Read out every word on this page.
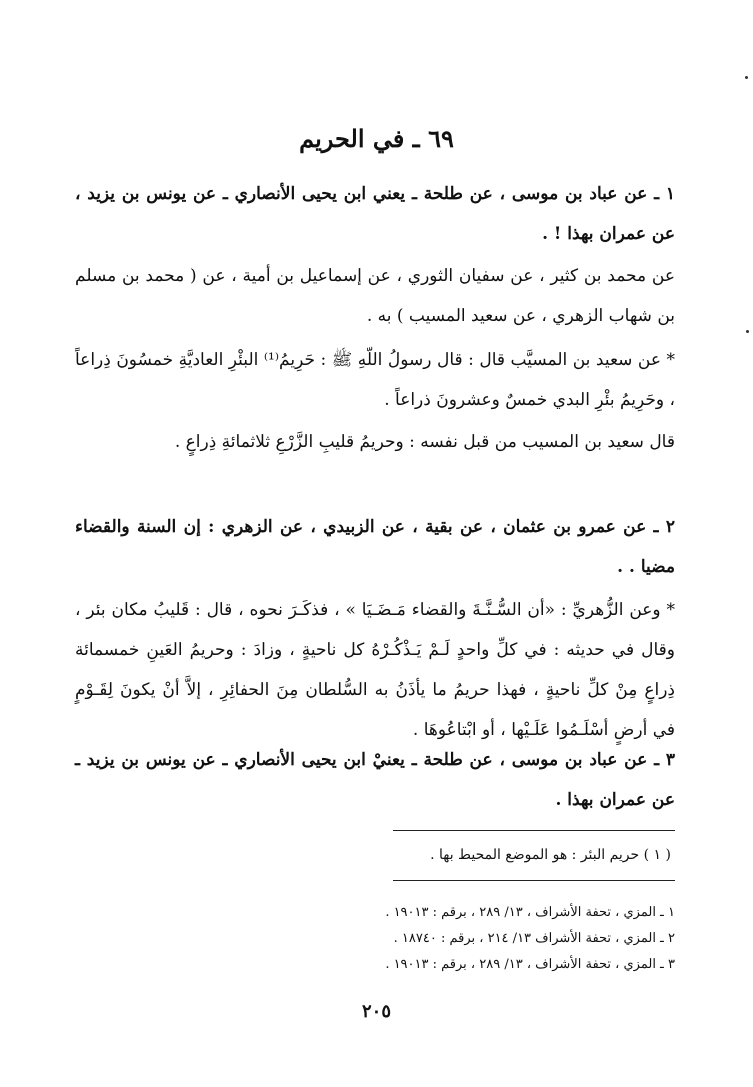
٦٩ ـ في الحريم
١ ـ عن عباد بن موسى ، عن طلحة ـ يعني ابن يحيى الأنصاري ـ عن يونس بن يزيد ، عن عمران بهذا ! .
عن محمد بن كثير ، عن سفيان الثوري ، عن إسماعيل بن أمية ، عن ( محمد بن مسلم بن شهاب الزهري ، عن سعيد المسيب ) به .
* عن سعيد بن المسيَّب قال : قال رسولُ اللّهِ ﷺ : حَرِيمُ⁽¹⁾ البئْرِ العاديَّةِ خمسُونَ ذِراعاً ، وحَرِيمُ بئْرِ البدي خمسٌ وعشرونَ ذراعاً .
قال سعيد بن المسيب من قبل نفسه : وحريمُ قليبِ الزَّرْعِ ثلاثمائةِ ذِراعٍ .
٢ ـ عن عمرو بن عثمان ، عن بقية ، عن الزبيدي ، عن الزهري : إن السنة والقضاء مضيا . .
* وعن الزُّهريِّ : «أن السُّـنَّـةَ والقضاء مَـضَـيَا » ، فذكَـرَ نحوه ، قال : قَليبُ مكان بئر ، وقال في حديثه : في كلِّ واحدٍ لَـمْ يَـذْكُـرْهُ كل ناحيةٍ ، وزادَ : وحريمُ العَينِ خمسمائة ذِراعٍ مِنْ كلِّ ناحيةٍ ، فهذا حريمُ ما يأذَنُ به السُّلطان مِنَ الحفائِرِ ، إلاَّ أنْ يكونَ لِقَـوْمٍ في أرضٍ أسْلَـمُوا عَلَـيْها ، أو ابْتاعُوهَا .
٣ ـ عن عباد بن موسى ، عن طلحة ـ يعنيْ ابن يحيى الأنصاري ـ عن يونس بن يزيد ـ عن عمران بهذا .
( ١ ) حريم البئر : هو الموضع المحيط بها .
١ ـ المزي ، تحفة الأشراف ، ١٣/ ٢٨٩ ، برقم : ١٩٠١٣ .
٢ ـ المزي ، تحفة الأشراف ١٣/ ٢١٤ ، برقم : ١٨٧٤٠ .
٣ ـ المزي ، تحفة الأشراف ، ١٣/ ٢٨٩ ، برقم : ١٩٠١٣ .
٢٠٥
